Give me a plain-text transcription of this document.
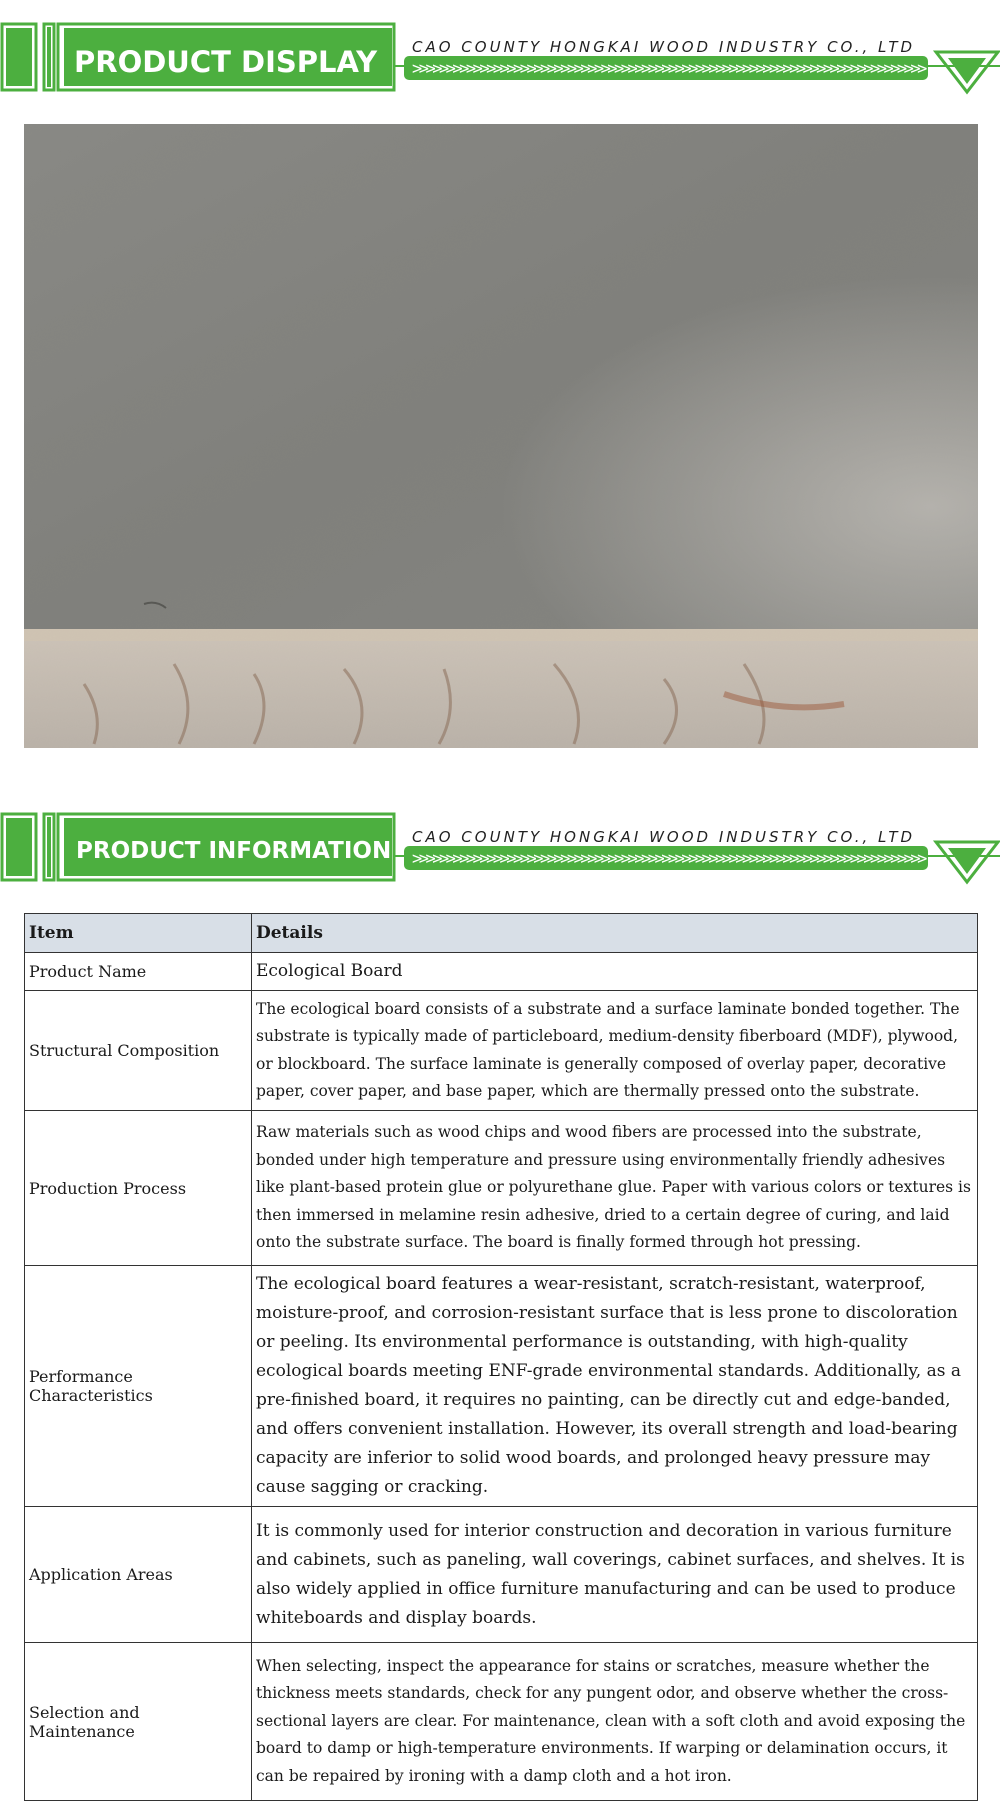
>>>>>>>>>>>>>>>>>>>>>>>>>>>>>>>>>>>>>>>>>>>>>>>>>>>>>>>>>>>>>>>>>>>>>>>>>>>>
PRODUCT DISPLAY CAO COUNTY HONGKAI WOOD INDUSTRY CO., LTD
>>>>>>>>>>>>>>>>>>>>>>>>>>>>>>>>>>>>>>>>>>>>>>>>>>>>>>>>>>>>>>>>>>>>>>>>>>>>
PRODUCT INFORMATION
CAO COUNTY HONGKAI WOOD INDUSTRY CO., LTD
Item	Details
Product Name	Ecological Board
Structural Composition	The ecological board consists of a substrate and a surface laminate bonded together. The substrate is typically made of particleboard, medium-density fiberboard (MDF), plywood, or blockboard. The surface laminate is generally composed of overlay paper, decorative paper, cover paper, and base paper, which are thermally pressed onto the substrate.
Production Process	Raw materials such as wood chips and wood fibers are processed into the substrate, bonded under high temperature and pressure using environmentally friendly adhesives like plant-based protein glue or polyurethane glue. Paper with various colors or textures is then immersed in melamine resin adhesive, dried to a certain degree of curing, and laid onto the substrate surface. The board is finally formed through hot pressing.
Performance Characteristics	The ecological board features a wear-resistant, scratch-resistant, waterproof, moisture-proof, and corrosion-resistant surface that is less prone to discoloration or peeling. Its environmental performance is outstanding, with high-quality ecological boards meeting ENF-grade environmental standards. Additionally, as a pre-finished board, it requires no painting, can be directly cut and edge-banded, and offers convenient installation. However, its overall strength and load-bearing capacity are inferior to solid wood boards, and prolonged heavy pressure may cause sagging or cracking.
Application Areas	It is commonly used for interior construction and decoration in various furniture and cabinets, such as paneling, wall coverings, cabinet surfaces, and shelves. It is also widely applied in office furniture manufacturing and can be used to produce whiteboards and display boards.
Selection and Maintenance	When selecting, inspect the appearance for stains or scratches, measure whether the thickness meets standards, check for any pungent odor, and observe whether the cross-sectional layers are clear. For maintenance, clean with a soft cloth and avoid exposing the board to damp or high-temperature environments. If warping or delamination occurs, it can be repaired by ironing with a damp cloth and a hot iron.
